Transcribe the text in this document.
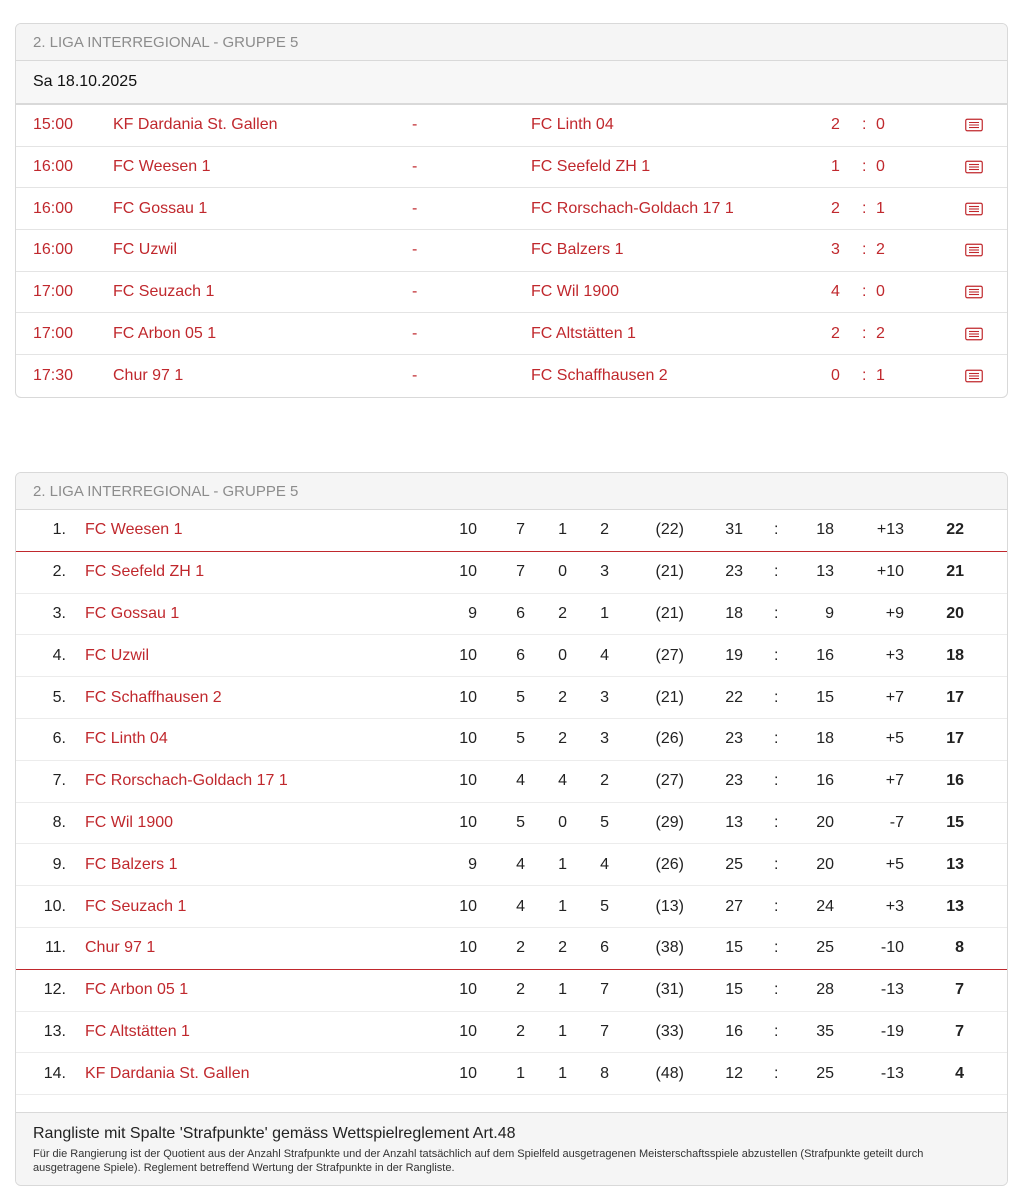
2. LIGA INTERREGIONAL - GRUPPE 5
Sa 18.10.2025
15:00 KF Dardania St. Gallen	-	FC Linth 04	2 : 0
16:00 FC Weesen 1	-	FC Seefeld ZH 1	1 : 0
16:00 FC Gossau 1	-	FC Rorschach-Goldach 17 1	2 : 1
16:00 FC Uzwil	-	FC Balzers 1	3 : 2
17:00 FC Seuzach 1	-	FC Wil 1900	4 : 0
17:00 FC Arbon 05 1	-	FC Altstätten 1	2 : 2
17:30 Chur 97 1	-	FC Schaffhausen 2	0 : 1
2. LIGA INTERREGIONAL - GRUPPE 5
1. FC Weesen 1	10 7 1 2	(22)	31 : 18	+13	22
2. FC Seefeld ZH 1	10 7 0 3	(21)	23 : 13	+10	21
3. FC Gossau 1	9 6 2 1	(21)	18 :	9	+9	20
4. FC Uzwil	10 6 0 4	(27)	19 : 16	+3	18
5. FC Schaffhausen 2	10 5 2 3	(21)	22 : 15	+7	17
6. FC Linth 04	10 5 2 3	(26)	23 : 18	+5	17
7. FC Rorschach-Goldach 17 1	10 4 4 2	(27)	23 : 16	+7	16
8. FC Wil 1900	10 5 0 5	(29)	13 : 20	-7	15
9. FC Balzers 1	9 4 1 4	(26)	25 : 20	+5	13
10. FC Seuzach 1	10 4 1 5	(13)	27 : 24	+3	13
11. Chur 97 1	10 2 2 6	(38)	15 : 25	-10	8
12. FC Arbon 05 1	10 2 1 7	(31)	15 : 28	-13	7
13. FC Altstätten 1	10 2 1 7	(33)	16 : 35	-19	7
14. KF Dardania St. Gallen	10 1 1 8	(48)	12 : 25	-13	4
Rangliste mit Spalte 'Strafpunkte' gemäss Wettspielreglement Art.48
Für die Rangierung ist der Quotient aus der Anzahl Strafpunkte und der Anzahl tatsächlich auf dem Spielfeld ausgetragenen Meisterschaftsspiele abzustellen (Strafpunkte geteilt durch ausgetragene Spiele). Reglement betreffend Wertung der Strafpunkte in der Rangliste.
